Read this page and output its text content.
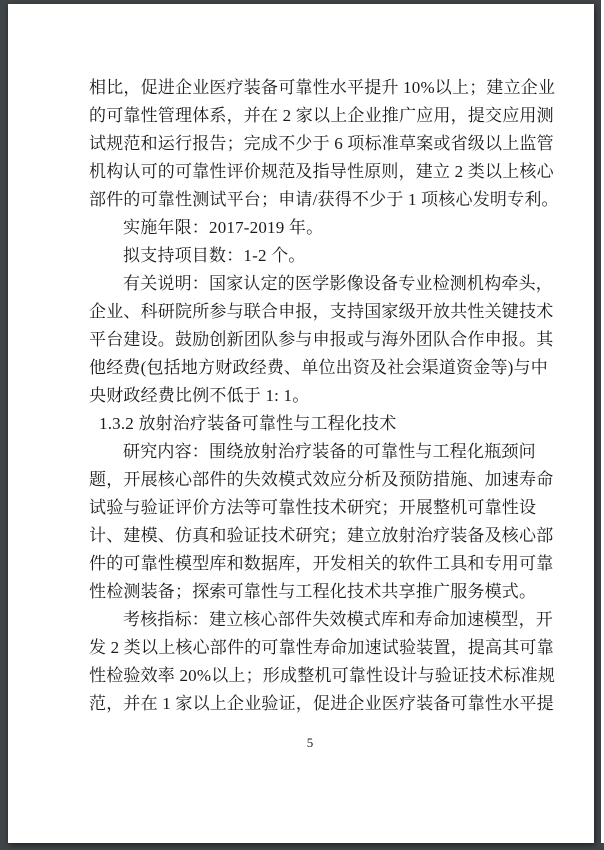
相比，促进企业医疗装备可靠性水平提升 10%以上；建立企业
的可靠性管理体系，并在 2 家以上企业推广应用，提交应用测
试规范和运行报告；完成不少于 6 项标准草案或省级以上监管
机构认可的可靠性评价规范及指导性原则，建立 2 类以上核心
部件的可靠性测试平台；申请/获得不少于 1 项核心发明专利。
实施年限：2017-2019 年。
拟支持项目数：1-2 个。
有关说明：国家认定的医学影像设备专业检测机构牵头，
企业、科研院所参与联合申报，支持国家级开放共性关键技术
平台建设。鼓励创新团队参与申报或与海外团队合作申报。其
他经费(包括地方财政经费、单位出资及社会渠道资金等)与中
央财政经费比例不低于 1: 1。
1.3.2 放射治疗装备可靠性与工程化技术
研究内容：围绕放射治疗装备的可靠性与工程化瓶颈问
题，开展核心部件的失效模式效应分析及预防措施、加速寿命
试验与验证评价方法等可靠性技术研究；开展整机可靠性设
计、建模、仿真和验证技术研究；建立放射治疗装备及核心部
件的可靠性模型库和数据库，开发相关的软件工具和专用可靠
性检测装备；探索可靠性与工程化技术共享推广服务模式。
考核指标：建立核心部件失效模式库和寿命加速模型，开
发 2 类以上核心部件的可靠性寿命加速试验装置，提高其可靠
性检验效率 20%以上；形成整机可靠性设计与验证技术标准规
范，并在 1 家以上企业验证，促进企业医疗装备可靠性水平提
5
